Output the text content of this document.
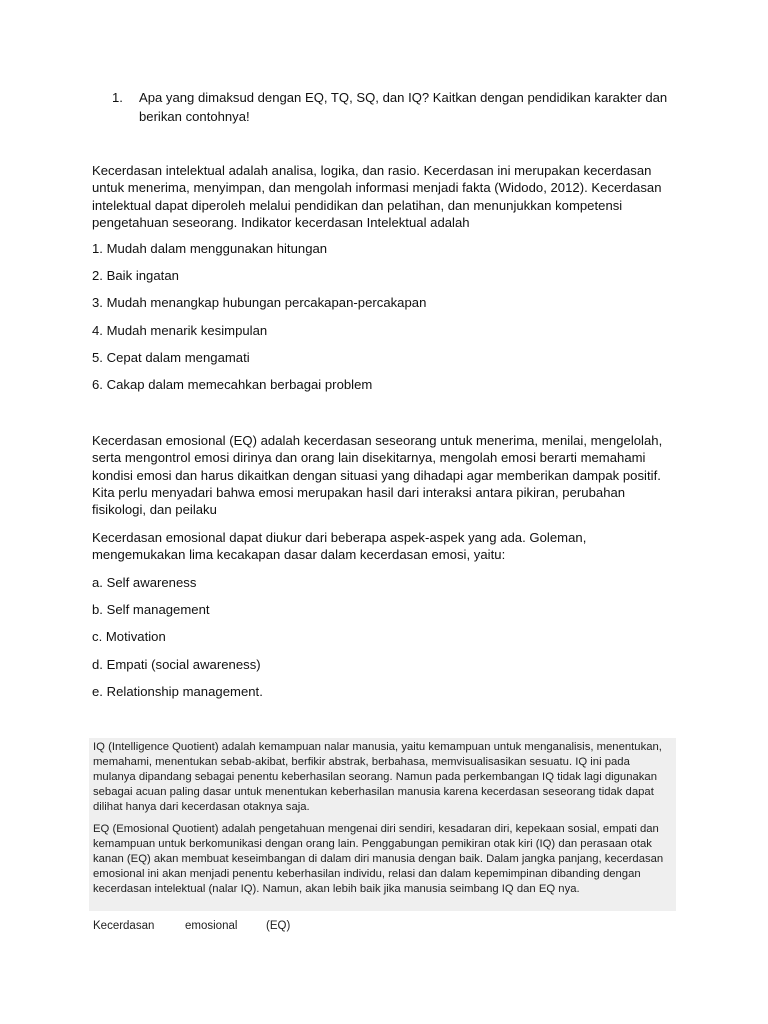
1.	Apa yang dimaksud dengan EQ, TQ, SQ, dan IQ? Kaitkan dengan pendidikan karakter dan berikan contohnya!
Kecerdasan intelektual adalah analisa, logika, dan rasio. Kecerdasan ini merupakan kecerdasan untuk menerima, menyimpan, dan mengolah informasi menjadi fakta (Widodo, 2012). Kecerdasan intelektual dapat diperoleh melalui pendidikan dan pelatihan, dan menunjukkan kompetensi pengetahuan seseorang. Indikator kecerdasan Intelektual adalah
1. Mudah dalam menggunakan hitungan
2. Baik ingatan
3. Mudah menangkap hubungan percakapan-percakapan
4. Mudah menarik kesimpulan
5. Cepat dalam mengamati
6. Cakap dalam memecahkan berbagai problem
Kecerdasan emosional (EQ) adalah kecerdasan seseorang untuk menerima, menilai, mengelolah, serta mengontrol emosi dirinya dan orang lain disekitarnya, mengolah emosi berarti memahami kondisi emosi dan harus dikaitkan dengan situasi yang dihadapi agar memberikan dampak positif. Kita perlu menyadari bahwa emosi merupakan hasil dari interaksi antara pikiran, perubahan fisikologi, dan peilaku
Kecerdasan emosional dapat diukur dari beberapa aspek-aspek yang ada. Goleman, mengemukakan lima kecakapan dasar dalam kecerdasan emosi, yaitu:
a. Self awareness
b. Self management
c. Motivation
d. Empati (social awareness)
e. Relationship management.
IQ (Intelligence Quotient) adalah kemampuan nalar manusia, yaitu kemampuan untuk menganalisis, menentukan, memahami, menentukan sebab-akibat, berfikir abstrak, berbahasa, memvisualisasikan sesuatu. IQ ini pada mulanya dipandang sebagai penentu keberhasilan seorang. Namun pada perkembangan IQ tidak lagi digunakan sebagai acuan paling dasar untuk menentukan keberhasilan manusia karena kecerdasan seseorang tidak dapat dilihat hanya dari kecerdasan otaknya saja.
EQ (Emosional Quotient) adalah pengetahuan mengenai diri sendiri, kesadaran diri, kepekaan sosial, empati dan kemampuan untuk berkomunikasi dengan orang lain. Penggabungan pemikiran otak kiri (IQ) dan perasaan otak kanan (EQ) akan membuat keseimbangan di dalam diri manusia dengan baik. Dalam jangka panjang, kecerdasan emosional ini akan menjadi penentu keberhasilan individu, relasi dan dalam kepemimpinan dibanding dengan kecerdasan intelektual (nalar IQ). Namun, akan lebih baik jika manusia seimbang IQ dan EQ nya.
Kecerdasan	emosional (EQ)
